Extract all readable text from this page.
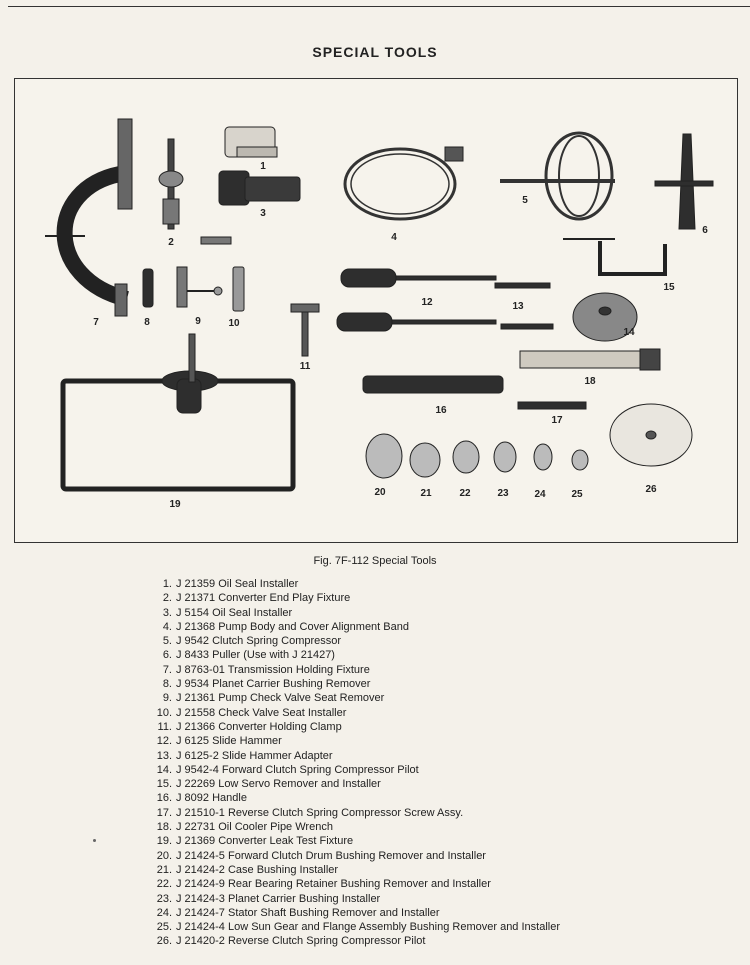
SPECIAL TOOLS
1
2
3
4
5
6
7	8	9	10
11
12	13
14
15
16
17
18
19
20	21	22	23	24	25	26
Fig. 7F-112 Special Tools
1. J 21359 Oil Seal Installer
2. J 21371 Converter End Play Fixture
3. J 5154 Oil Seal Installer
4. J 21368 Pump Body and Cover Alignment Band
5. J 9542 Clutch Spring Compressor
6. J 8433 Puller (Use with J 21427)
7. J 8763-01 Transmission Holding Fixture
8. J 9534 Planet Carrier Bushing Remover
9. J 21361 Pump Check Valve Seat Remover
10. J 21558 Check Valve Seat Installer
11. J 21366 Converter Holding Clamp
12. J 6125 Slide Hammer
13. J 6125-2 Slide Hammer Adapter
14. J 9542-4 Forward Clutch Spring Compressor Pilot
15. J 22269 Low Servo Remover and Installer
16. J 8092 Handle
17. J 21510-1 Reverse Clutch Spring Compressor Screw Assy.
18. J 22731 Oil Cooler Pipe Wrench
19. J 21369 Converter Leak Test Fixture
20. J 21424-5 Forward Clutch Drum Bushing Remover and Installer
21. J 21424-2 Case Bushing Installer
22. J 21424-9 Rear Bearing Retainer Bushing Remover and Installer
23. J 21424-3 Planet Carrier Bushing Installer
24. J 21424-7 Stator Shaft Bushing Remover and Installer
25. J 21424-4 Low Sun Gear and Flange Assembly Bushing Remover and Installer
26. J 21420-2 Reverse Clutch Spring Compressor Pilot
